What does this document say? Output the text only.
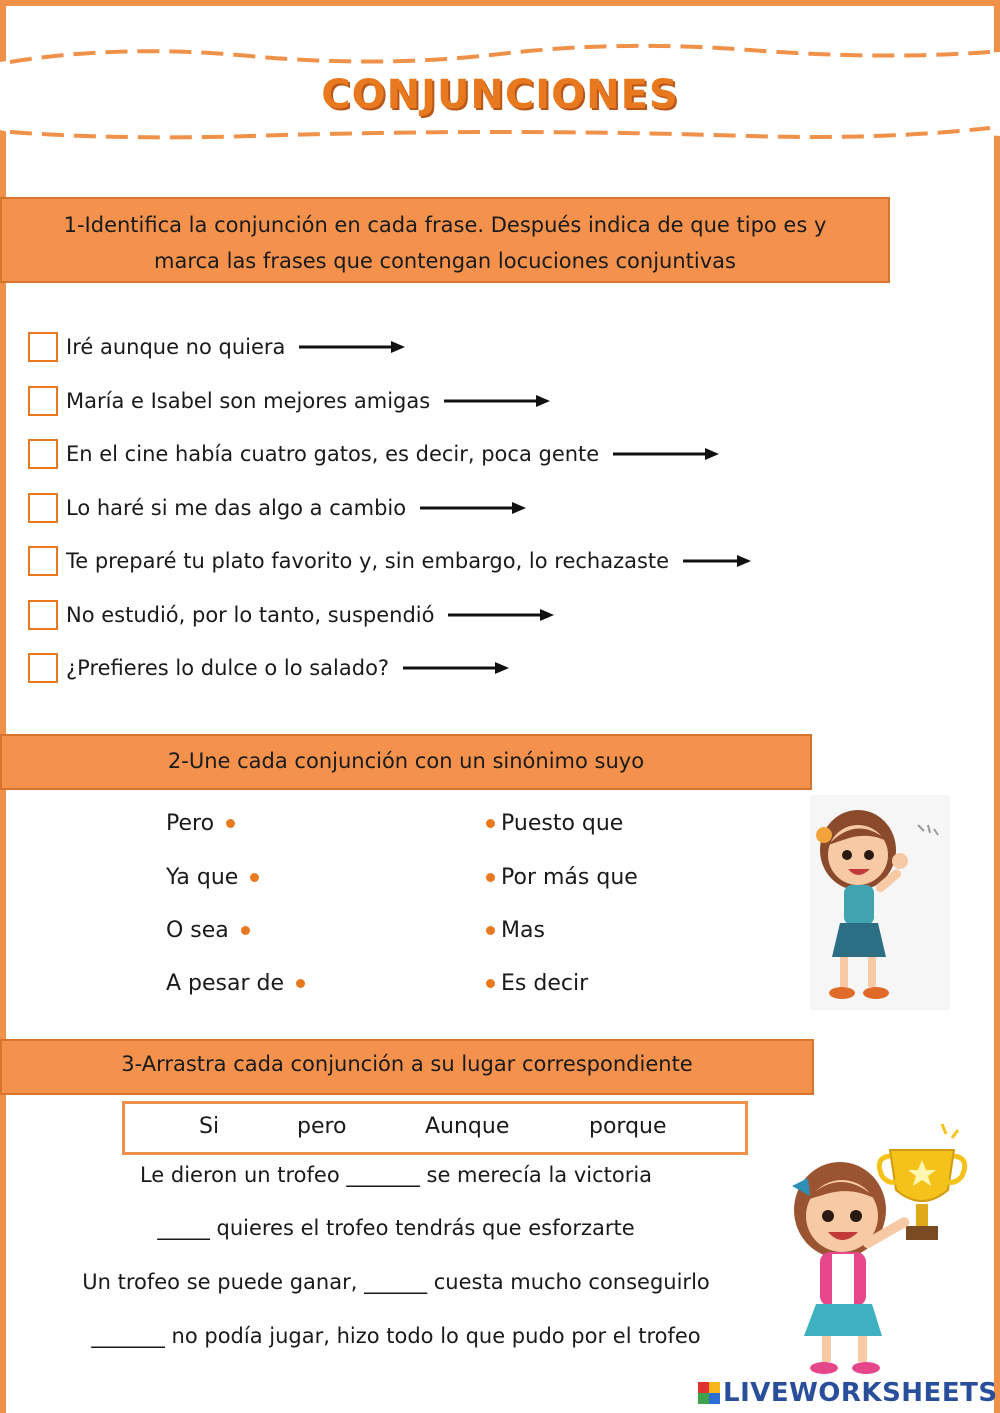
CONJUNCIONES
1-Identifica la conjunción en cada frase. Después indica de que tipo es y
marca las frases que contengan locuciones conjuntivas
Iré aunque no quiera
María e Isabel son mejores amigas
En el cine había cuatro gatos, es decir, poca gente
Lo haré si me das algo a cambio
Te preparé tu plato favorito y, sin embargo, lo rechazaste
No estudió, por lo tanto, suspendió
¿Prefieres lo dulce o lo salado?
2-Une cada conjunción con un sinónimo suyo
Pero
Ya que
O sea
A pesar de
Puesto que
Por más que
Mas
Es decir
3-Arrastra cada conjunción a su lugar correspondiente
Si	pero	Aunque	porque
Le dieron un trofeo _______ se merecía la victoria
_____ quieres el trofeo tendrás que esforzarte
Un trofeo se puede ganar, ______ cuesta mucho conseguirlo
_______ no podía jugar, hizo todo lo que pudo por el trofeo
LIVEWORKSHEETS
